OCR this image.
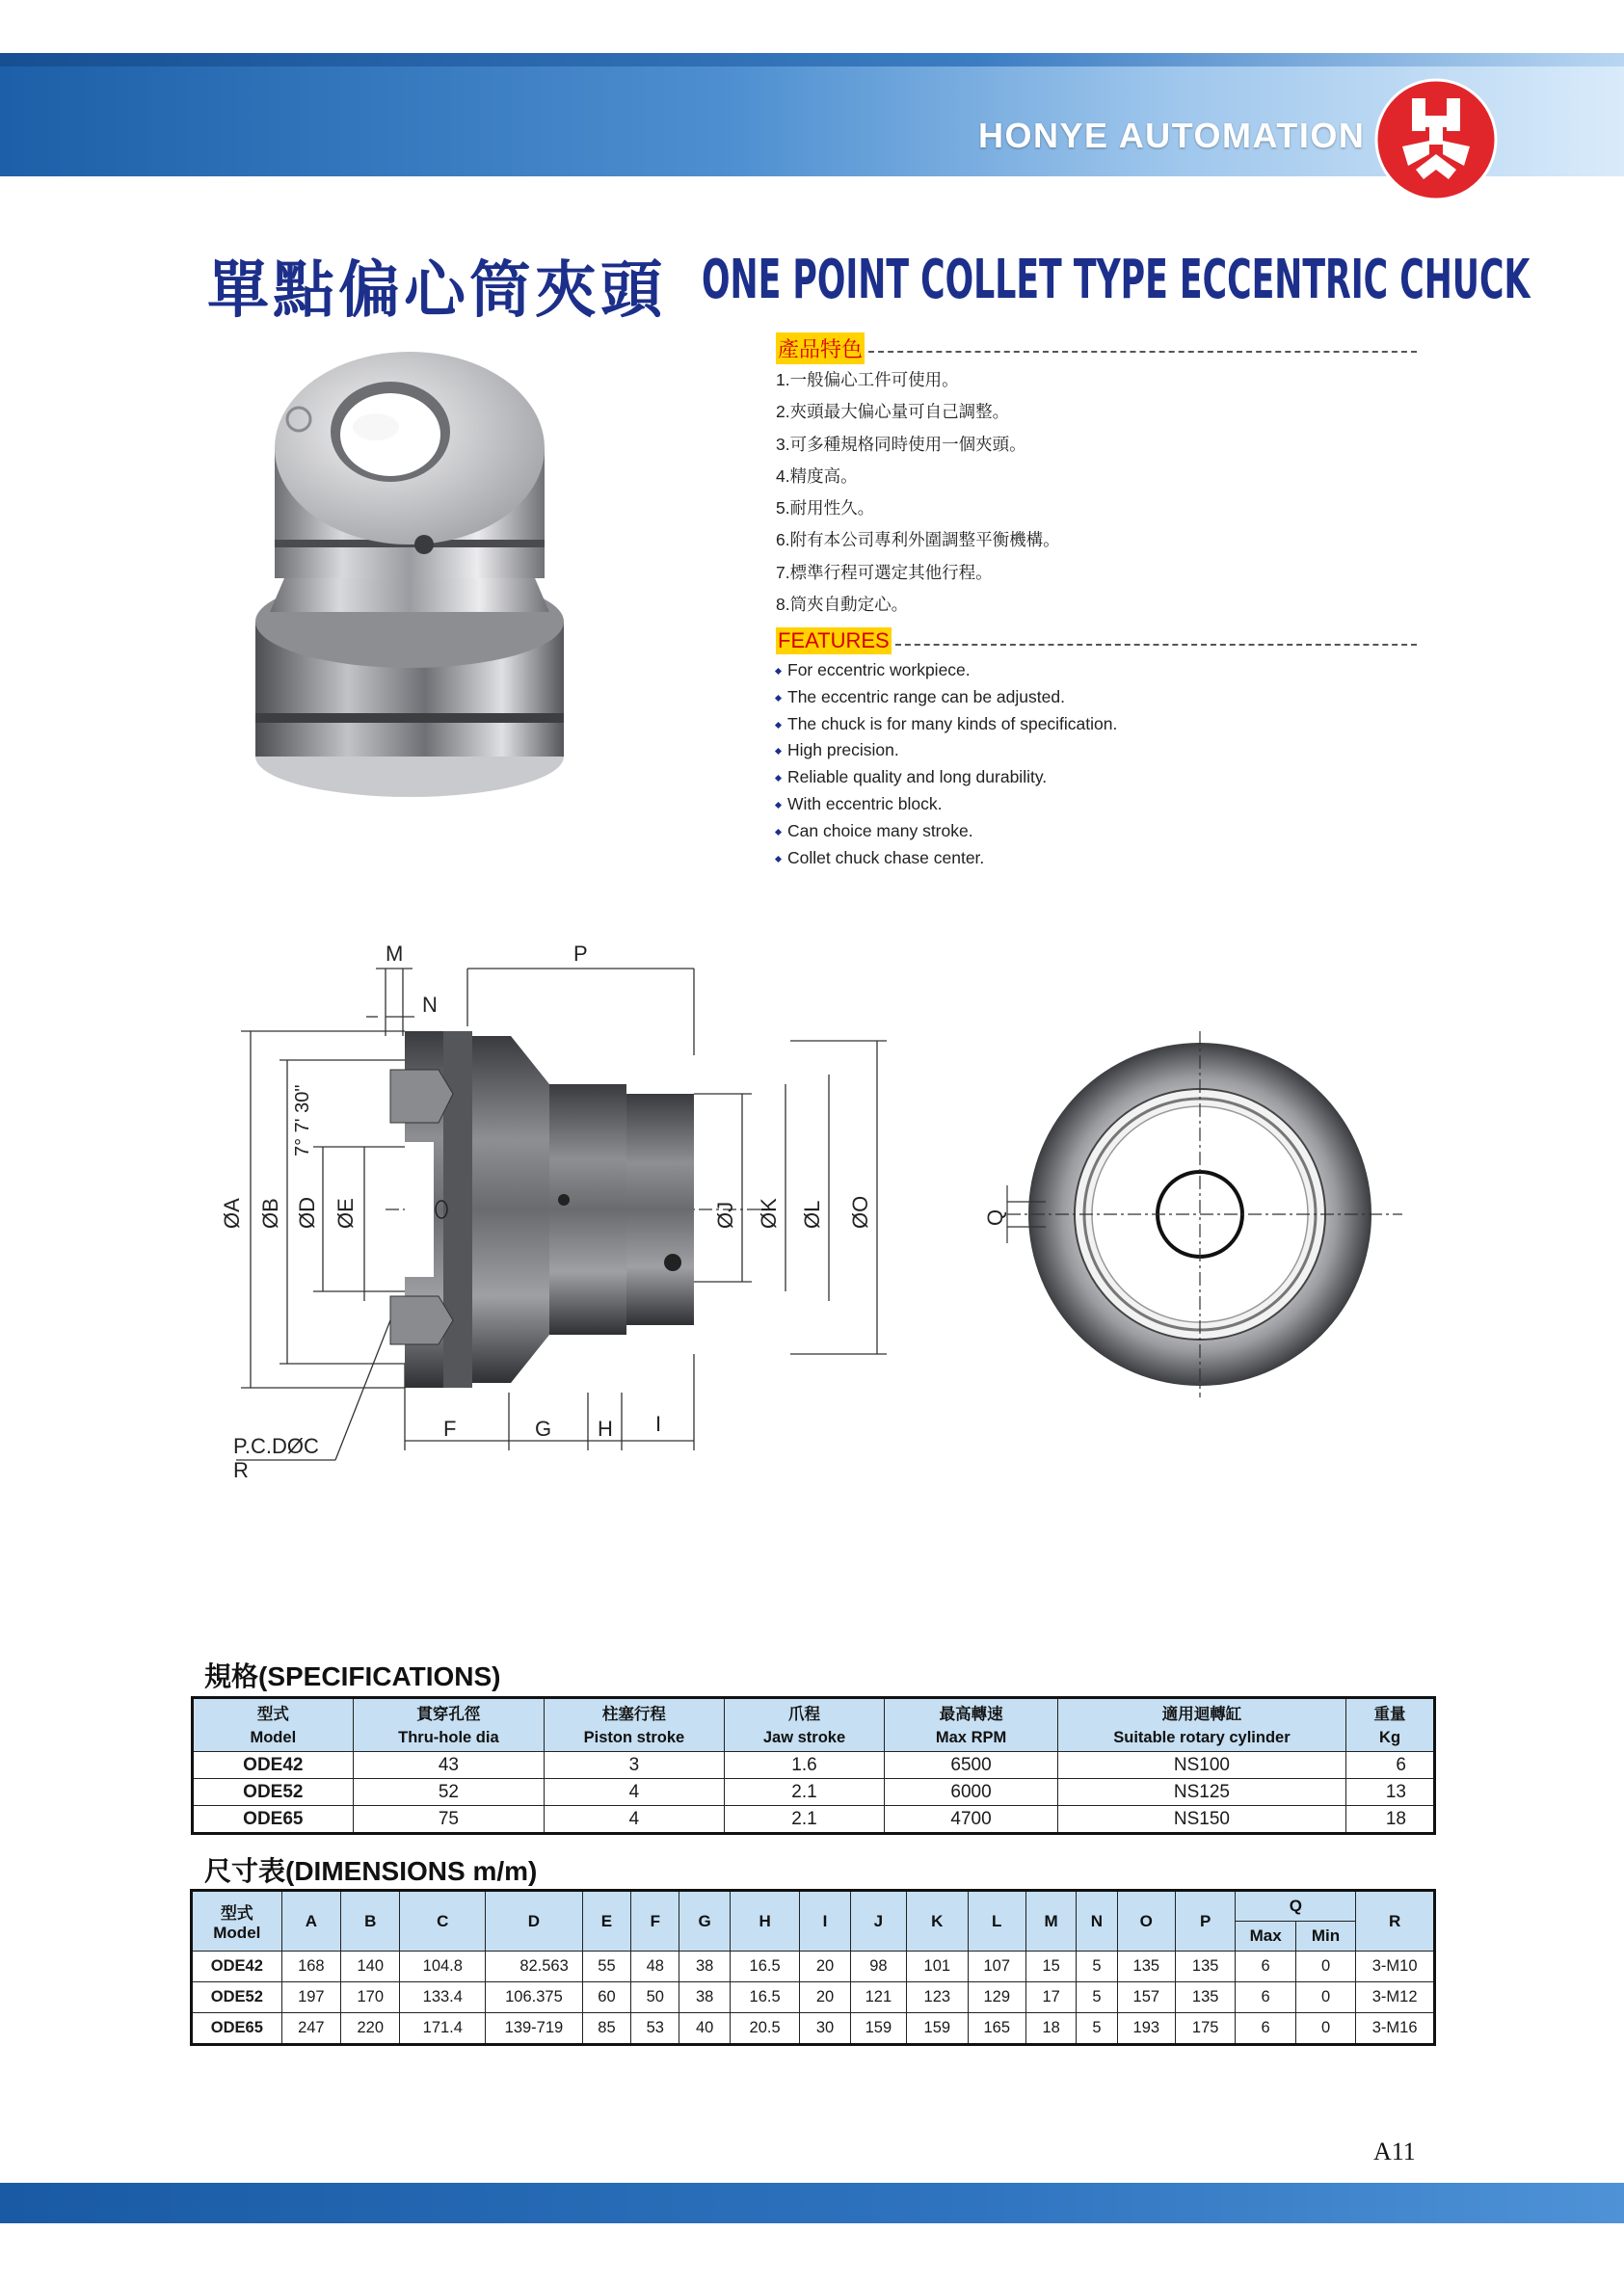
HONYE AUTOMATION
單點偏心筒夾頭 ONE POINT COLLET TYPE ECCENTRIC CHUCK
產品特色
1.一般偏心工件可使用。
2.夾頭最大偏心量可自己調整。
3.可多種規格同時使用一個夾頭。
4.精度高。
5.耐用性久。
6.附有本公司專利外圍調整平衡機構。
7.標準行程可選定其他行程。
8.筒夾自動定心。
FEATURES
For eccentric workpiece.
The eccentric range can be adjusted.
The chuck is for many kinds of specification.
High precision.
Reliable quality and long durability.
With eccentric block.
Can choice many stroke.
Collet chuck chase center.
M	P
N
7° 7' 30"
ØA ØB ØD ØE	ØJ ØK ØL ØO
F	G H I
P.C.DØC
R
Q
規格(SPECIFICATIONS)
型式	貫穿孔徑	柱塞行程	爪程	最高轉速	適用迴轉缸	重量
Model	Thru-hole dia	Piston stroke	Jaw stroke	Max RPM	Suitable rotary cylinder	Kg
ODE42	43	3	1.6	6500	NS100	6
ODE52	52	4	2.1	6000	NS125	13
ODE65	75	4	2.1	4700	NS150	18
尺寸表(DIMENSIONS m/m)
型式
Model	A	B	C	D	E	F	G	H	I	J	K	L	M	N	O	P	Q		R
																	Max	Min	
ODE42	168	140	104.8	82.563	55	48	38	16.5	20	98	101	107	15	5	135	135	6	0	3-M10
ODE52	197	170	133.4	106.375	60	50	38	16.5	20	121	123	129	17	5	157	135	6	0	3-M12
ODE65	247	220	171.4	139-719	85	53	40	20.5	30	159	159	165	18	5	193	175	6	0	3-M16
A11
